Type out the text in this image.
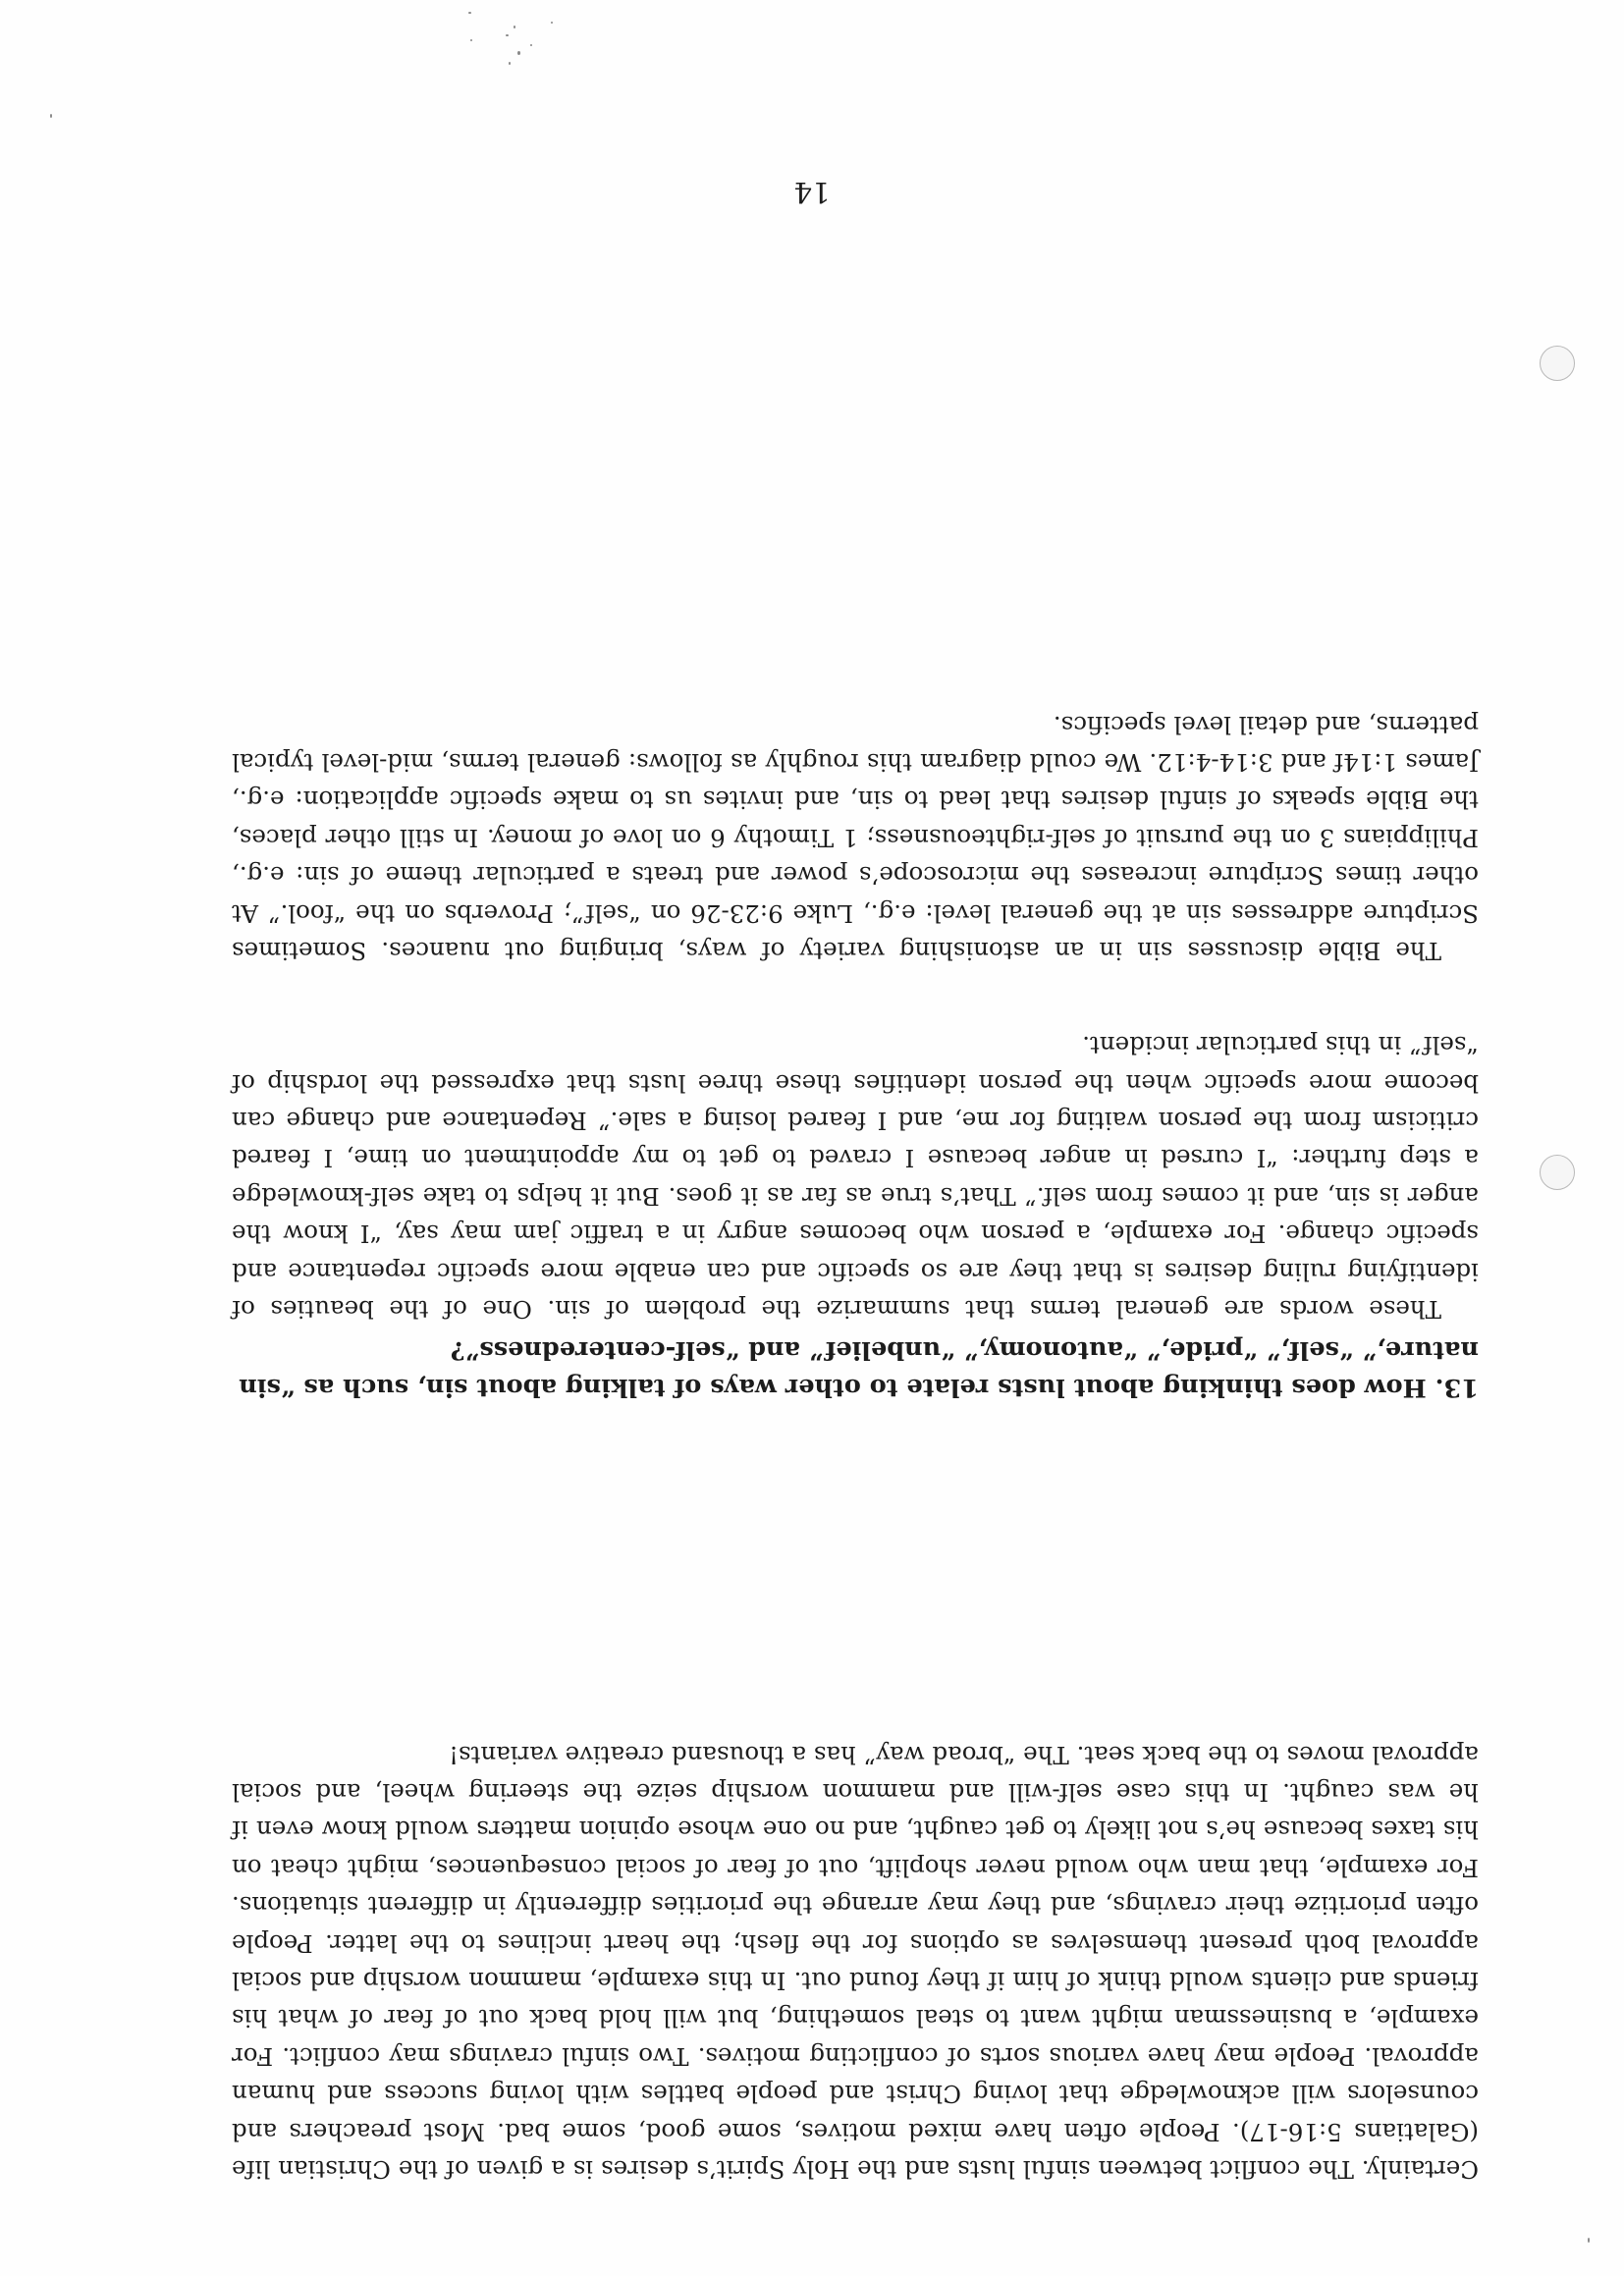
Certainly. The conflict between sinful lusts and the Holy Spirit’s desires is a given of the Christian life (Galatians 5:16-17). People often have mixed motives, some good, some bad. Most preachers and counselors will acknowledge that loving Christ and people battles with loving success and human approval. People may have various sorts of conflicting motives. Two sinful cravings may conflict. For example, a businessman might want to steal something, but will hold back out of fear of what his friends and clients would think of him if they found out. In this example, mammon worship and social approval both present themselves as options for the flesh; the heart inclines to the latter. People often prioritize their cravings, and they may arrange the priorities differently in different situations. For example, that man who would never shoplift, out of fear of social consequences, might cheat on his taxes because he’s not likely to get caught, and no one whose opinion matters would know even if he was caught. In this case self-will and mammon worship seize the steering wheel, and social approval moves to the back seat. The “broad way” has a thousand creative variants!

13. How does thinking about lusts relate to other ways of talking about sin, such as “sin nature,” “self,” “pride,” “autonomy,” “unbelief” and “self-centeredness”?

These words are general terms that summarize the problem of sin. One of the beauties of identifying ruling desires is that they are so specific and can enable more specific repentance and specific change. For example, a person who becomes angry in a traffic jam may say, “I know the anger is sin, and it comes from self.” That’s true as far as it goes. But it helps to take self-knowledge a step further: “I cursed in anger because I craved to get to my appointment on time, I feared criticism from the person waiting for me, and I feared losing a sale.” Repentance and change can become more specific when the person identifies these three lusts that expressed the lordship of “self” in this particular incident.

The Bible discusses sin in an astonishing variety of ways, bringing out nuances. Sometimes Scripture addresses sin at the general level: e.g., Luke 9:23-26 on “self”; Proverbs on the “fool.” At other times Scripture increases the microscope’s power and treats a particular theme of sin: e.g., Philippians 3 on the pursuit of self-righteousness; 1 Timothy 6 on love of money. In still other places, the Bible speaks of sinful desires that lead to sin, and invites us to make specific application: e.g., James 1:14f and 3:14-4:12. We could diagram this roughly as follows: general terms, mid-level typical patterns, and detail level specifics.

14
